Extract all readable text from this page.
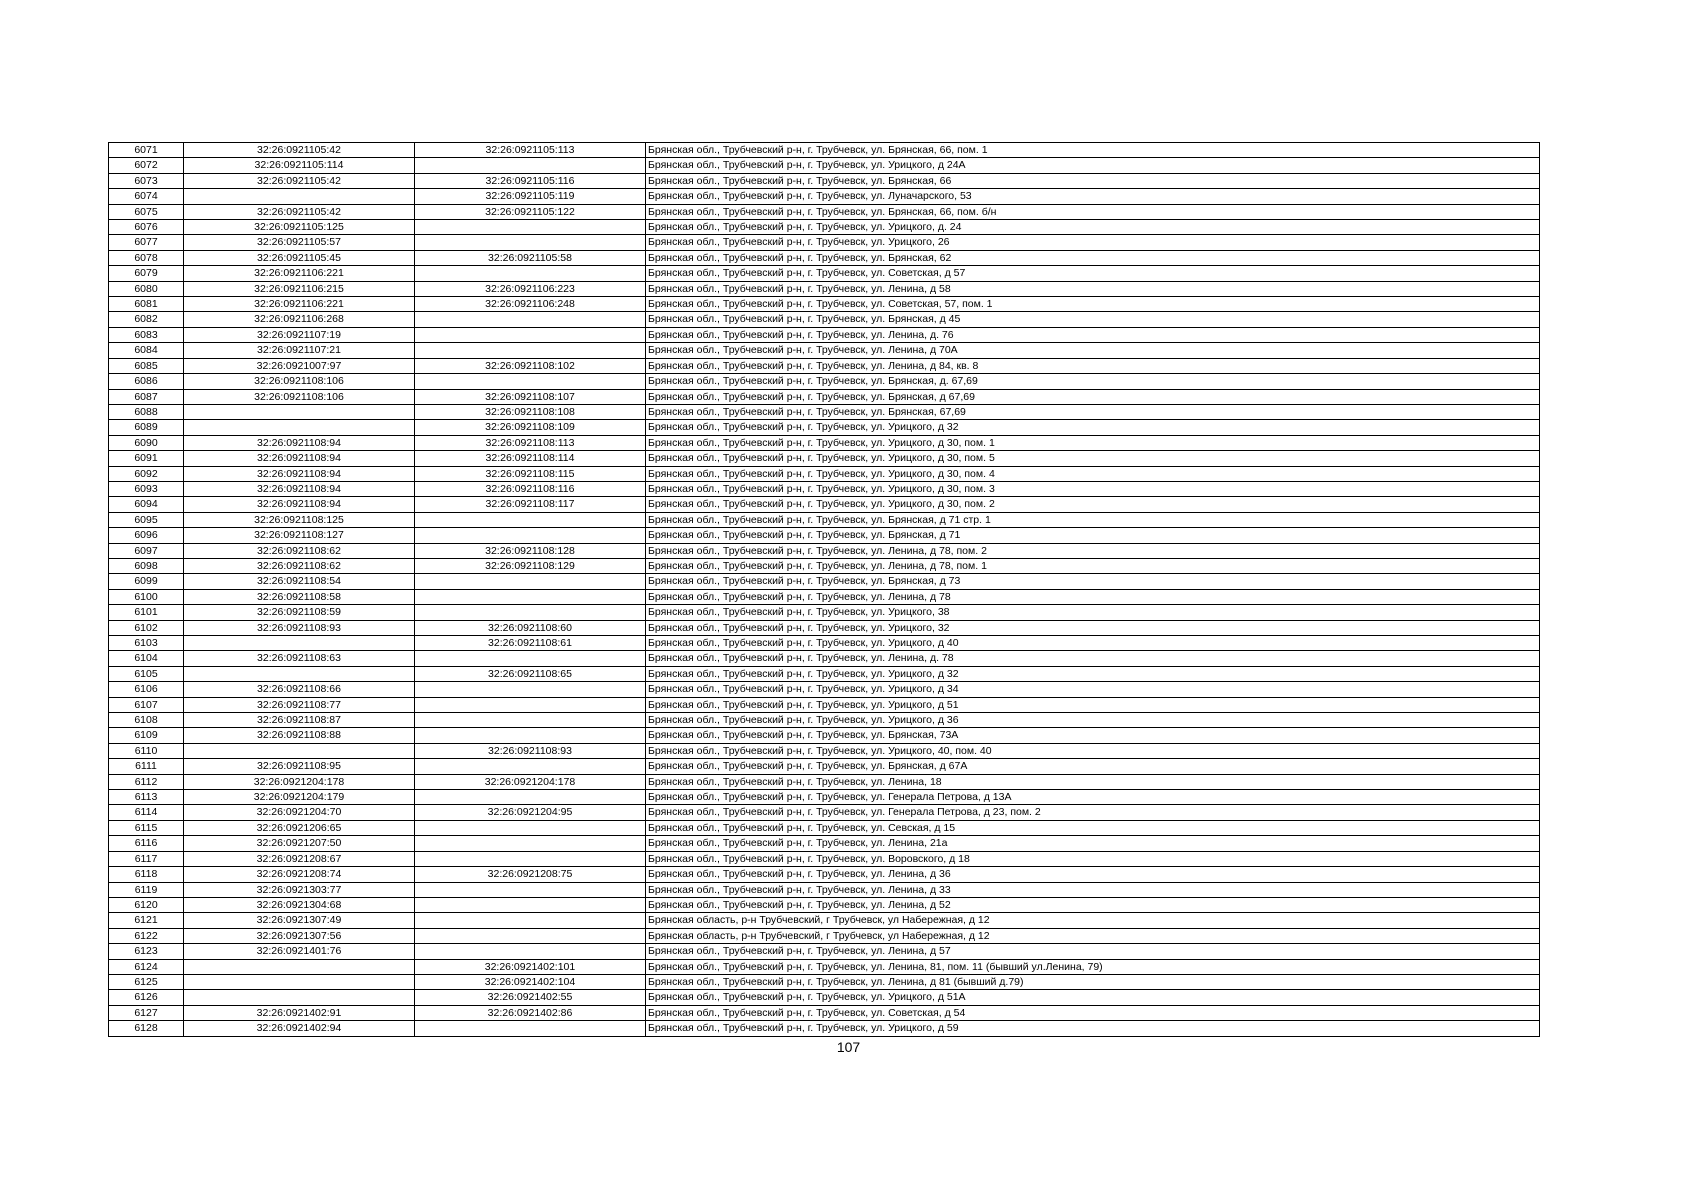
6071	32:26:0921105:42	32:26:0921105:113	Брянская обл., Трубчевский р-н, г. Трубчевск, ул. Брянская, 66, пом. 1
6072	32:26:0921105:114		Брянская обл., Трубчевский р-н, г. Трубчевск, ул. Урицкого, д 24А
6073	32:26:0921105:42	32:26:0921105:116	Брянская обл., Трубчевский р-н, г. Трубчевск, ул. Брянская, 66
6074		32:26:0921105:119	Брянская обл., Трубчевский р-н, г. Трубчевск, ул. Луначарского, 53
6075	32:26:0921105:42	32:26:0921105:122	Брянская обл., Трубчевский р-н, г. Трубчевск, ул. Брянская, 66, пом. б/н
6076	32:26:0921105:125		Брянская обл., Трубчевский р-н, г. Трубчевск, ул. Урицкого, д. 24
6077	32:26:0921105:57		Брянская обл., Трубчевский р-н, г. Трубчевск, ул. Урицкого, 26
6078	32:26:0921105:45	32:26:0921105:58	Брянская обл., Трубчевский р-н, г. Трубчевск, ул. Брянская, 62
6079	32:26:0921106:221		Брянская обл., Трубчевский р-н, г. Трубчевск, ул. Советская, д 57
6080	32:26:0921106:215	32:26:0921106:223	Брянская обл., Трубчевский р-н, г. Трубчевск, ул. Ленина, д 58
6081	32:26:0921106:221	32:26:0921106:248	Брянская обл., Трубчевский р-н, г. Трубчевск, ул. Советская, 57, пом. 1
6082	32:26:0921106:268		Брянская обл., Трубчевский р-н, г. Трубчевск, ул. Брянская, д 45
6083	32:26:0921107:19		Брянская обл., Трубчевский р-н, г. Трубчевск, ул. Ленина, д. 76
6084	32:26:0921107:21		Брянская обл., Трубчевский р-н, г. Трубчевск, ул. Ленина, д 70А
6085	32:26:0921007:97	32:26:0921108:102	Брянская обл., Трубчевский р-н, г. Трубчевск, ул. Ленина, д 84, кв. 8
6086	32:26:0921108:106		Брянская обл., Трубчевский р-н, г. Трубчевск, ул. Брянская, д. 67,69
6087	32:26:0921108:106	32:26:0921108:107	Брянская обл., Трубчевский р-н, г. Трубчевск, ул. Брянская, д 67,69
6088		32:26:0921108:108	Брянская обл., Трубчевский р-н, г. Трубчевск, ул. Брянская, 67,69
6089		32:26:0921108:109	Брянская обл., Трубчевский р-н, г. Трубчевск, ул. Урицкого, д 32
6090	32:26:0921108:94	32:26:0921108:113	Брянская обл., Трубчевский р-н, г. Трубчевск, ул. Урицкого, д 30, пом. 1
6091	32:26:0921108:94	32:26:0921108:114	Брянская обл., Трубчевский р-н, г. Трубчевск, ул. Урицкого, д 30, пом. 5
6092	32:26:0921108:94	32:26:0921108:115	Брянская обл., Трубчевский р-н, г. Трубчевск, ул. Урицкого, д 30, пом. 4
6093	32:26:0921108:94	32:26:0921108:116	Брянская обл., Трубчевский р-н, г. Трубчевск, ул. Урицкого, д 30, пом. 3
6094	32:26:0921108:94	32:26:0921108:117	Брянская обл., Трубчевский р-н, г. Трубчевск, ул. Урицкого, д 30, пом. 2
6095	32:26:0921108:125		Брянская обл., Трубчевский р-н, г. Трубчевск, ул. Брянская, д 71 стр. 1
6096	32:26:0921108:127		Брянская обл., Трубчевский р-н, г. Трубчевск, ул. Брянская, д 71
6097	32:26:0921108:62	32:26:0921108:128	Брянская обл., Трубчевский р-н, г. Трубчевск, ул. Ленина, д 78, пом. 2
6098	32:26:0921108:62	32:26:0921108:129	Брянская обл., Трубчевский р-н, г. Трубчевск, ул. Ленина, д 78, пом. 1
6099	32:26:0921108:54		Брянская обл., Трубчевский р-н, г. Трубчевск, ул. Брянская, д 73
6100	32:26:0921108:58		Брянская обл., Трубчевский р-н, г. Трубчевск, ул. Ленина, д 78
6101	32:26:0921108:59		Брянская обл., Трубчевский р-н, г. Трубчевск, ул. Урицкого, 38
6102	32:26:0921108:93	32:26:0921108:60	Брянская обл., Трубчевский р-н, г. Трубчевск, ул. Урицкого, 32
6103		32:26:0921108:61	Брянская обл., Трубчевский р-н, г. Трубчевск, ул. Урицкого, д 40
6104	32:26:0921108:63		Брянская обл., Трубчевский р-н, г. Трубчевск, ул. Ленина, д. 78
6105		32:26:0921108:65	Брянская обл., Трубчевский р-н, г. Трубчевск, ул. Урицкого, д 32
6106	32:26:0921108:66		Брянская обл., Трубчевский р-н, г. Трубчевск, ул. Урицкого, д 34
6107	32:26:0921108:77		Брянская обл., Трубчевский р-н, г. Трубчевск, ул. Урицкого, д 51
6108	32:26:0921108:87		Брянская обл., Трубчевский р-н, г. Трубчевск, ул. Урицкого, д 36
6109	32:26:0921108:88		Брянская обл., Трубчевский р-н, г. Трубчевск, ул. Брянская, 73А
6110		32:26:0921108:93	Брянская обл., Трубчевский р-н, г. Трубчевск, ул. Урицкого, 40, пом. 40
6111	32:26:0921108:95		Брянская обл., Трубчевский р-н, г. Трубчевск, ул. Брянская, д 67А
6112	32:26:0921204:178	32:26:0921204:178	Брянская обл., Трубчевский р-н, г. Трубчевск, ул. Ленина, 18
6113	32:26:0921204:179		Брянская обл., Трубчевский р-н, г. Трубчевск, ул. Генерала Петрова, д 13А
6114	32:26:0921204:70	32:26:0921204:95	Брянская обл., Трубчевский р-н, г. Трубчевск, ул. Генерала Петрова, д 23, пом. 2
6115	32:26:0921206:65		Брянская обл., Трубчевский р-н, г. Трубчевск, ул. Севская, д 15
6116	32:26:0921207:50		Брянская обл., Трубчевский р-н, г. Трубчевск, ул. Ленина, 21а
6117	32:26:0921208:67		Брянская обл., Трубчевский р-н, г. Трубчевск, ул. Воровского, д 18
6118	32:26:0921208:74	32:26:0921208:75	Брянская обл., Трубчевский р-н, г. Трубчевск, ул. Ленина, д 36
6119	32:26:0921303:77		Брянская обл., Трубчевский р-н, г. Трубчевск, ул. Ленина, д 33
6120	32:26:0921304:68		Брянская обл., Трубчевский р-н, г. Трубчевск, ул. Ленина, д 52
6121	32:26:0921307:49		Брянская область, р-н Трубчевский, г Трубчевск, ул Набережная, д 12
6122	32:26:0921307:56		Брянская область, р-н Трубчевский, г Трубчевск, ул Набережная, д 12
6123	32:26:0921401:76		Брянская обл., Трубчевский р-н, г. Трубчевск, ул. Ленина, д 57
6124		32:26:0921402:101	Брянская обл., Трубчевский р-н, г. Трубчевск, ул. Ленина, 81, пом. 11 (бывший ул.Ленина, 79)
6125		32:26:0921402:104	Брянская обл., Трубчевский р-н, г. Трубчевск, ул. Ленина, д 81 (бывший д.79)
6126		32:26:0921402:55	Брянская обл., Трубчевский р-н, г. Трубчевск, ул. Урицкого, д 51А
6127	32:26:0921402:91	32:26:0921402:86	Брянская обл., Трубчевский р-н, г. Трубчевск, ул. Советская, д 54
6128	32:26:0921402:94		Брянская обл., Трубчевский р-н, г. Трубчевск, ул. Урицкого, д 59
107
